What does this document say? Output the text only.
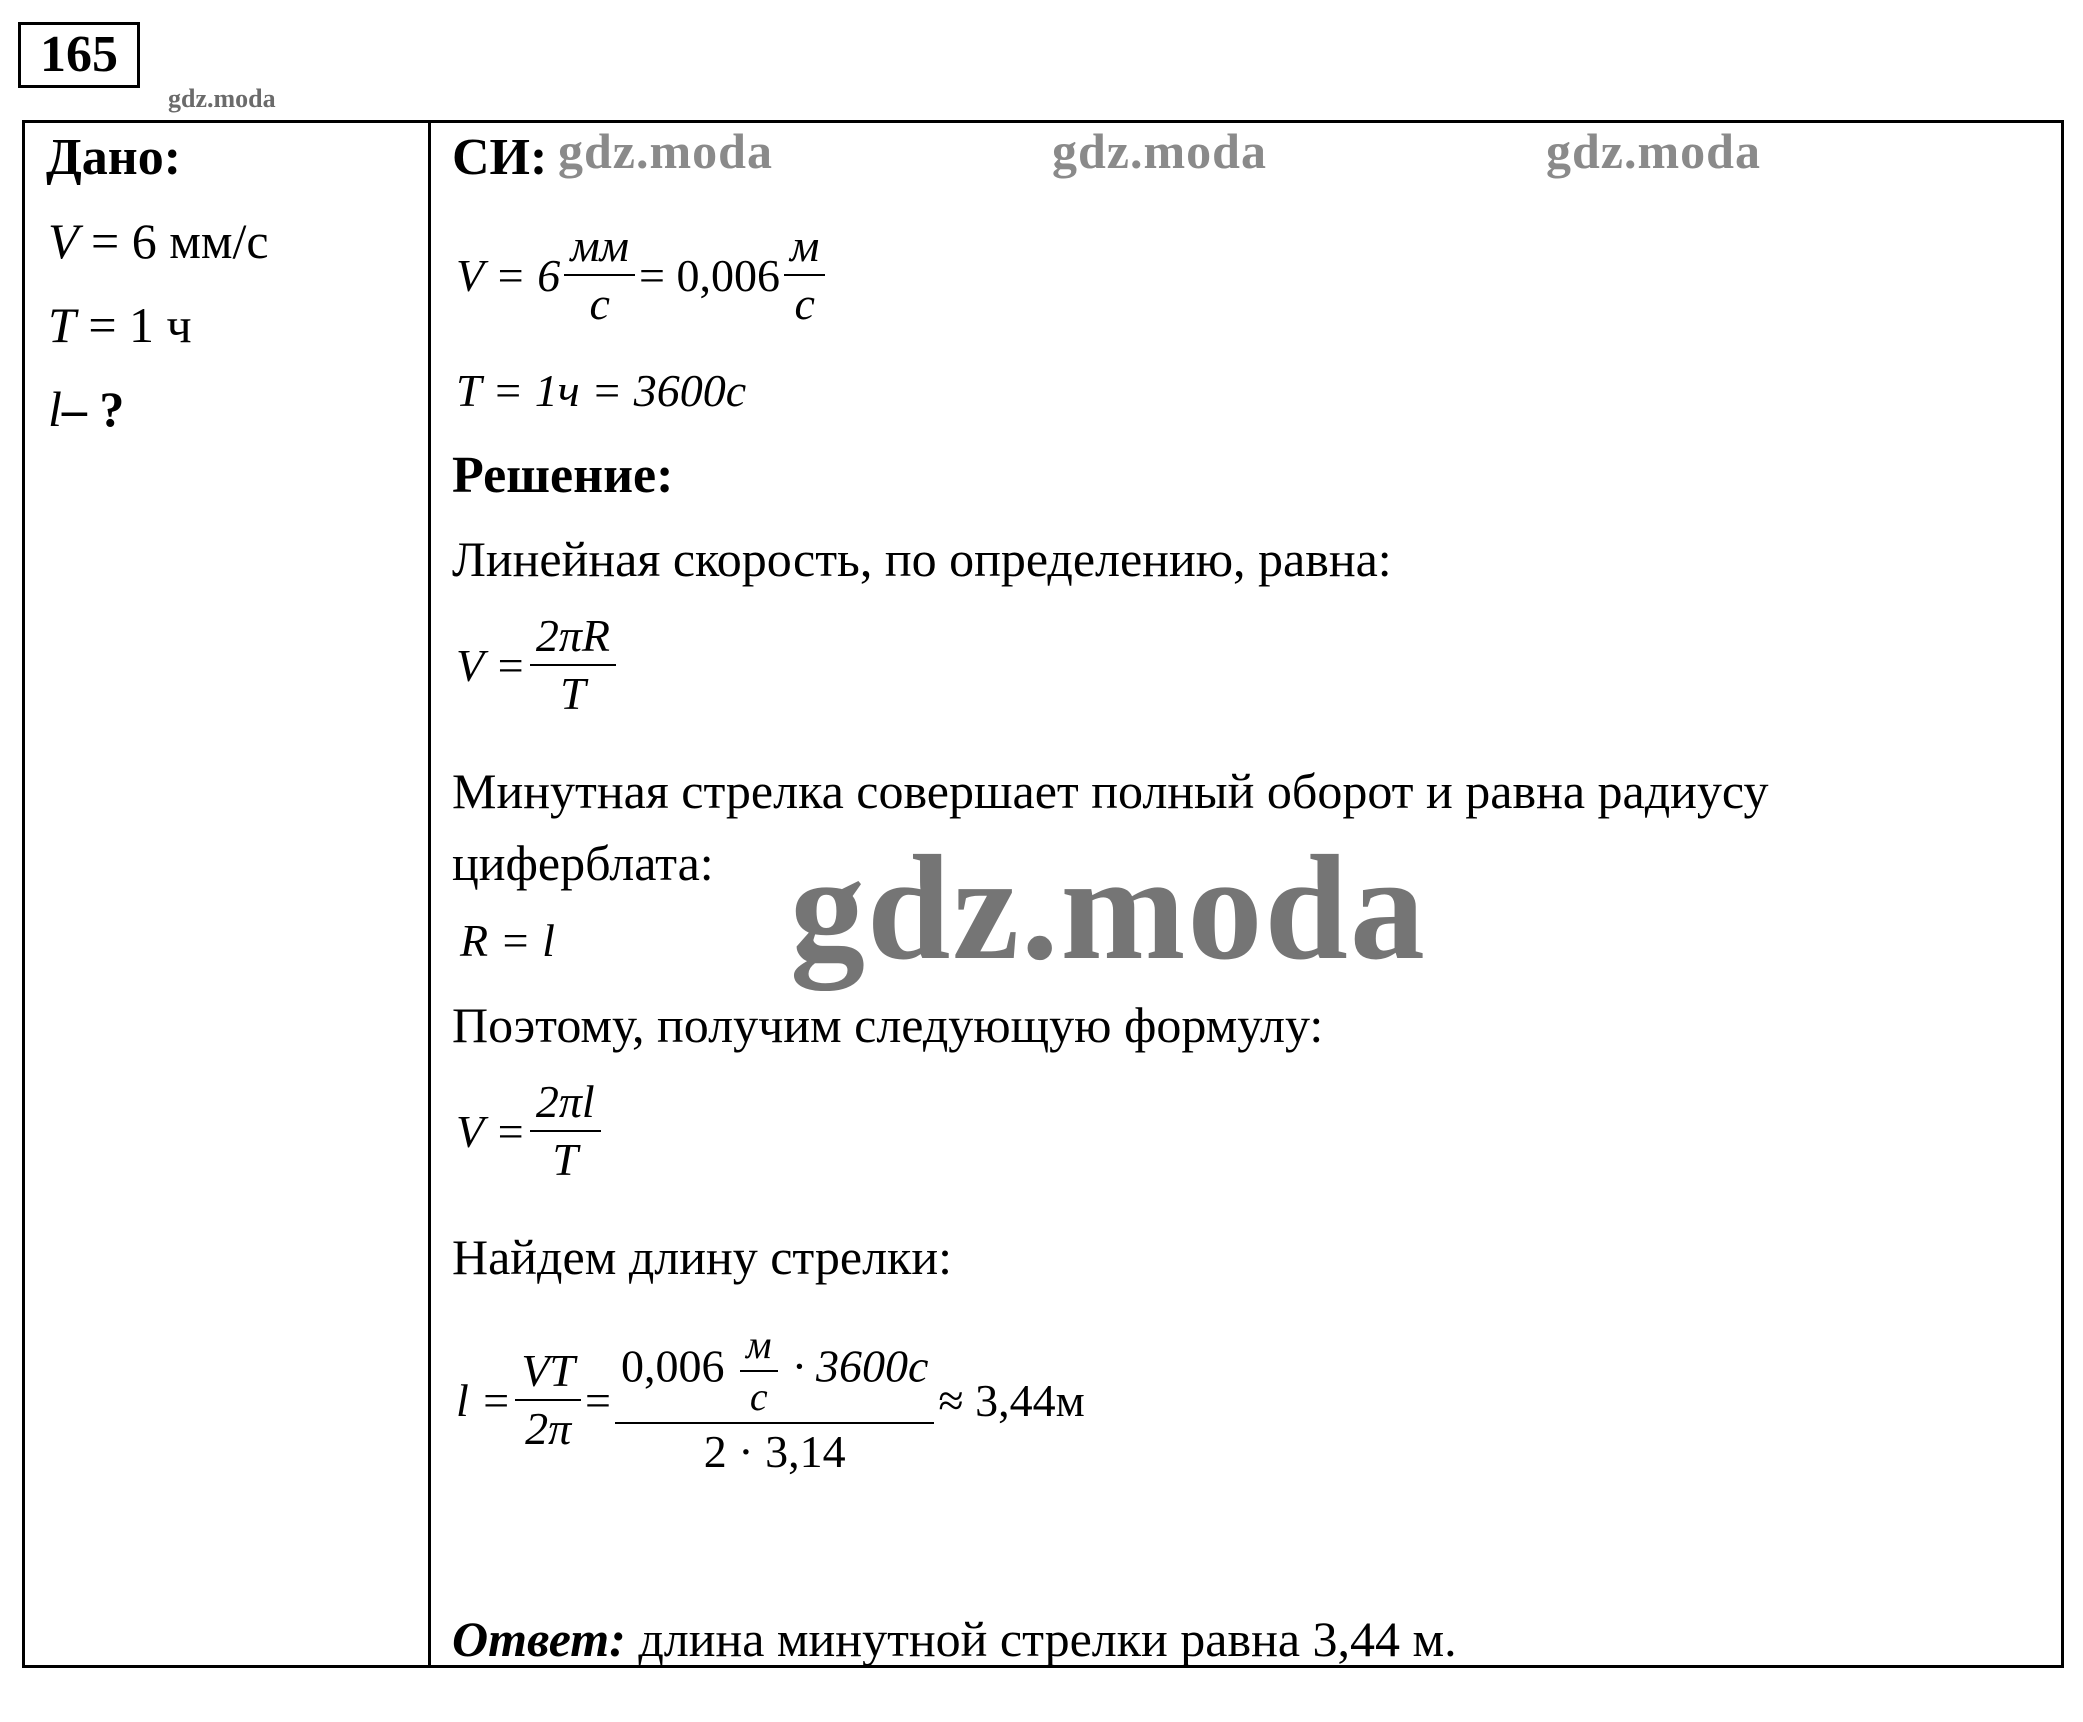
165
gdz.moda
Дано:
V
= 6 мм/с
T
= 1 ч
l – ?
СИ: gdz.moda	gdz.moda	gdz.moda
$V = 6 \frac{мм}{с} = 0,006 \frac{м}{с}$
T = 1ч = 3600с
Решение:
Линейная скорость, по определению, равна:
$V = \frac{2\pi R}{T}$
Минутная стрелка совершает полный оборот и равна радиусу
циферблата: gdz.moda
R = l
Поэтому, получим следующую формулу:
$V = \frac{2\pi l}{T}$
Найдем длину стрелки:
$l = \frac{VT}{2\pi} = \frac{0,006 \frac{м}{с} \cdot 3600с}{2 \cdot 3,14} \approx 3,44м$
Ответ:
длина минутной стрелки равна 3,44 м.
